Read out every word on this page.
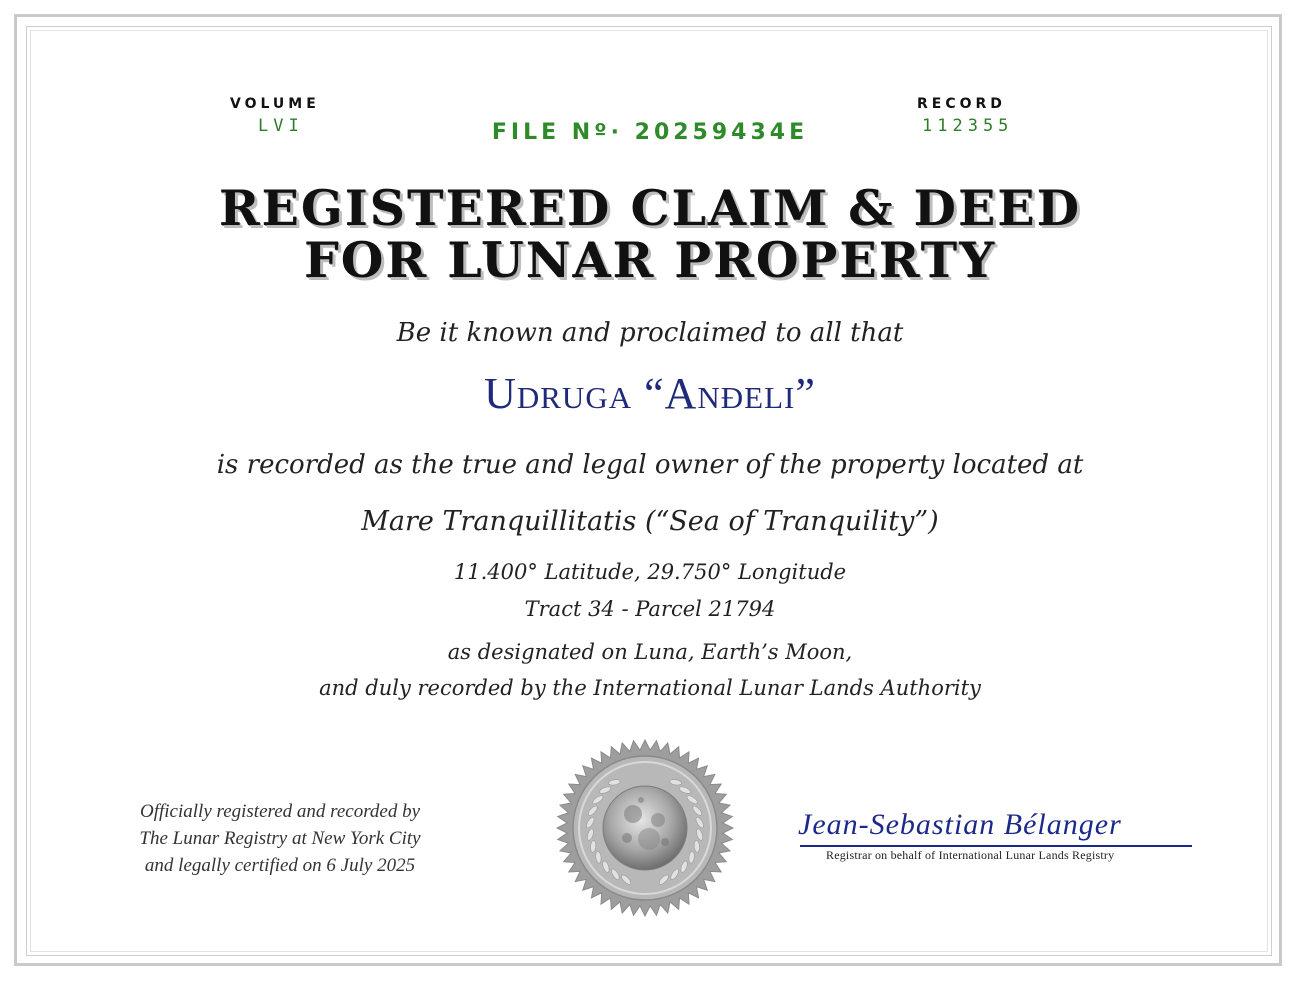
VOLUME
LVI
RECORD
112355
FILE Nº· 20259434E
REGISTERED CLAIM & DEED
FOR LUNAR PROPERTY
Be it known and proclaimed to all that
Udruga “Anđeli”
is recorded as the true and legal owner of the property located at
Mare Tranquillitatis (“Sea of Tranquility”)
11.400° Latitude, 29.750° Longitude
Tract 34 - Parcel 21794
as designated on Luna, Earth’s Moon,
and duly recorded by the International Lunar Lands Authority
Officially registered and recorded by
The Lunar Registry at New York City
and legally certified on 6 July 2025
Jean-Sebastian Bélanger
Registrar on behalf of International Lunar Lands Registry
